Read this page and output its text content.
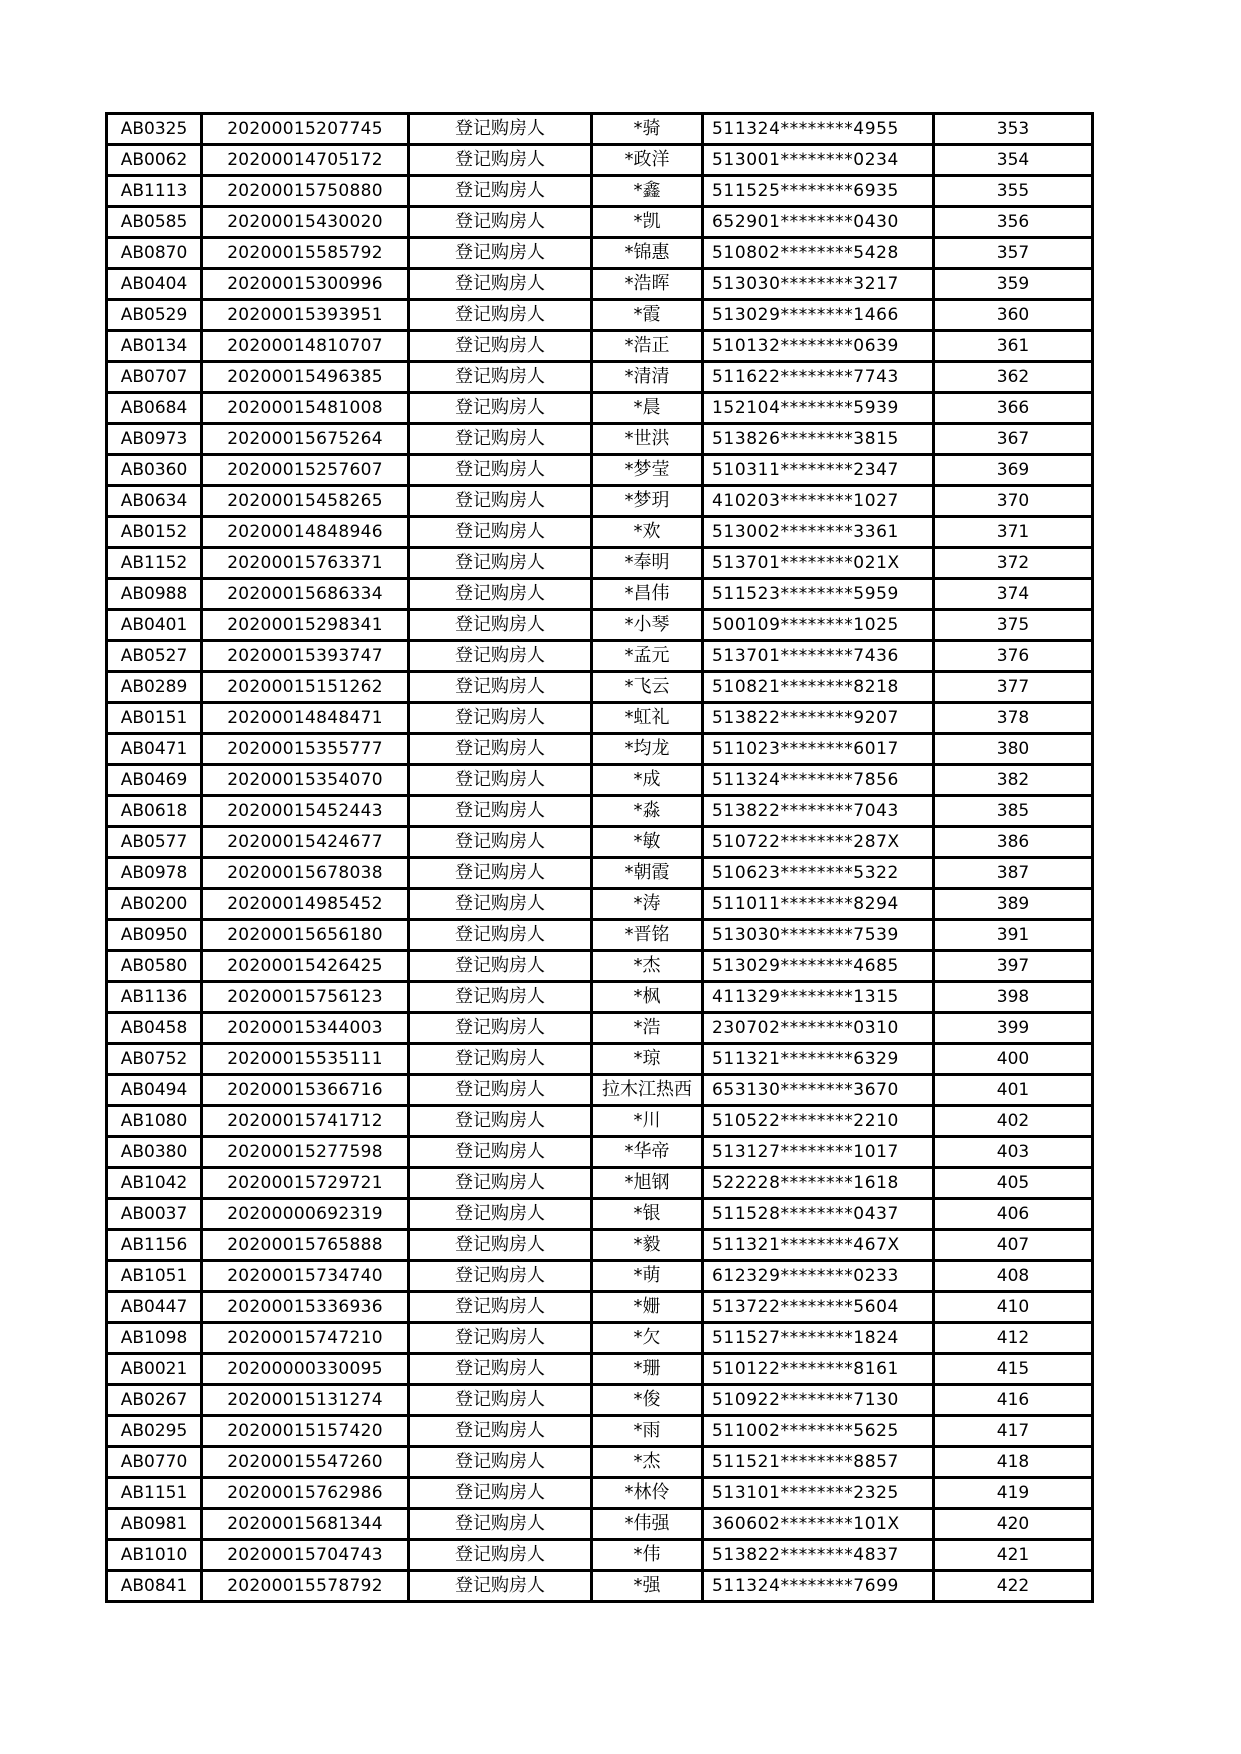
AB0325	20200015207745	登记购房人	*骑	511324********4955	353
AB0062	20200014705172	登记购房人	*政洋	513001********0234	354
AB1113	20200015750880	登记购房人	*鑫	511525********6935	355
AB0585	20200015430020	登记购房人	*凯	652901********0430	356
AB0870	20200015585792	登记购房人	*锦惠	510802********5428	357
AB0404	20200015300996	登记购房人	*浩晖	513030********3217	359
AB0529	20200015393951	登记购房人	*霞	513029********1466	360
AB0134	20200014810707	登记购房人	*浩正	510132********0639	361
AB0707	20200015496385	登记购房人	*清清	511622********7743	362
AB0684	20200015481008	登记购房人	*晨	152104********5939	366
AB0973	20200015675264	登记购房人	*世洪	513826********3815	367
AB0360	20200015257607	登记购房人	*梦莹	510311********2347	369
AB0634	20200015458265	登记购房人	*梦玥	410203********1027	370
AB0152	20200014848946	登记购房人	*欢	513002********3361	371
AB1152	20200015763371	登记购房人	*奉明	513701********021X	372
AB0988	20200015686334	登记购房人	*昌伟	511523********5959	374
AB0401	20200015298341	登记购房人	*小琴	500109********1025	375
AB0527	20200015393747	登记购房人	*孟元	513701********7436	376
AB0289	20200015151262	登记购房人	*飞云	510821********8218	377
AB0151	20200014848471	登记购房人	*虹礼	513822********9207	378
AB0471	20200015355777	登记购房人	*均龙	511023********6017	380
AB0469	20200015354070	登记购房人	*成	511324********7856	382
AB0618	20200015452443	登记购房人	*淼	513822********7043	385
AB0577	20200015424677	登记购房人	*敏	510722********287X	386
AB0978	20200015678038	登记购房人	*朝霞	510623********5322	387
AB0200	20200014985452	登记购房人	*涛	511011********8294	389
AB0950	20200015656180	登记购房人	*晋铭	513030********7539	391
AB0580	20200015426425	登记购房人	*杰	513029********4685	397
AB1136	20200015756123	登记购房人	*枫	411329********1315	398
AB0458	20200015344003	登记购房人	*浩	230702********0310	399
AB0752	20200015535111	登记购房人	*琼	511321********6329	400
AB0494	20200015366716	登记购房人	拉木江热西	653130********3670	401
AB1080	20200015741712	登记购房人	*川	510522********2210	402
AB0380	20200015277598	登记购房人	*华帝	513127********1017	403
AB1042	20200015729721	登记购房人	*旭钢	522228********1618	405
AB0037	20200000692319	登记购房人	*银	511528********0437	406
AB1156	20200015765888	登记购房人	*毅	511321********467X	407
AB1051	20200015734740	登记购房人	*萌	612329********0233	408
AB0447	20200015336936	登记购房人	*姗	513722********5604	410
AB1098	20200015747210	登记购房人	*欠	511527********1824	412
AB0021	20200000330095	登记购房人	*珊	510122********8161	415
AB0267	20200015131274	登记购房人	*俊	510922********7130	416
AB0295	20200015157420	登记购房人	*雨	511002********5625	417
AB0770	20200015547260	登记购房人	*杰	511521********8857	418
AB1151	20200015762986	登记购房人	*林伶	513101********2325	419
AB0981	20200015681344	登记购房人	*伟强	360602********101X	420
AB1010	20200015704743	登记购房人	*伟	513822********4837	421
AB0841	20200015578792	登记购房人	*强	511324********7699	422
